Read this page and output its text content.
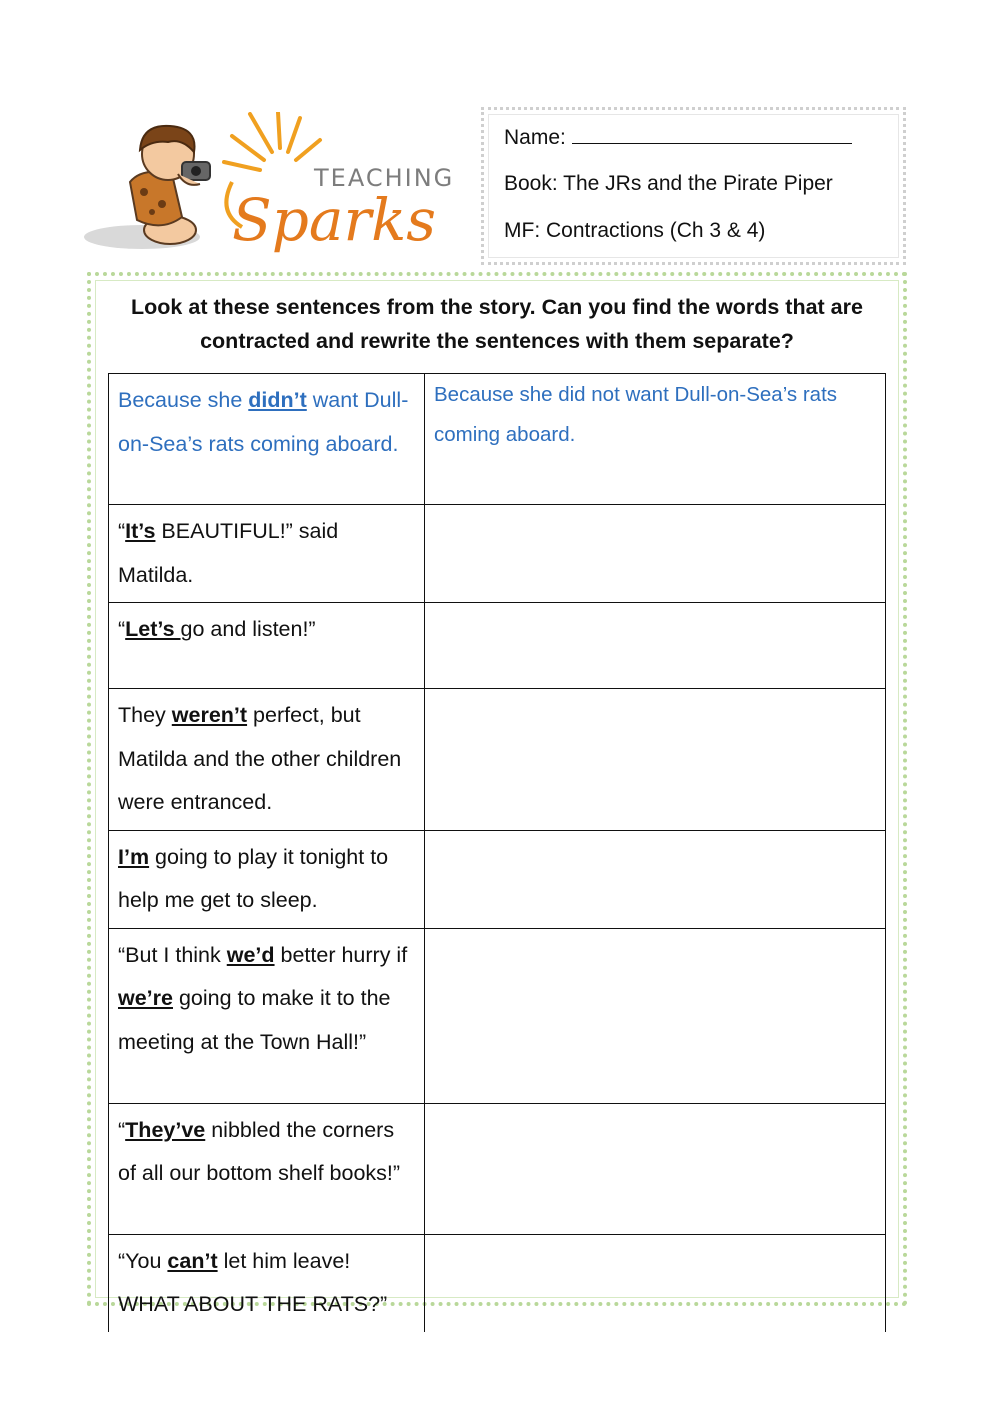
TEACHING
Sparks
Name:
Book: The JRs and the Pirate Piper
MF: Contractions (Ch 3 & 4)
Look at these sentences from the story. Can you find the words that are contracted and rewrite the sentences with them separate?
Because she didn’t want Dull-on-Sea’s rats coming aboard.	Because she did not want Dull-on-Sea’s rats coming aboard.
“It’s BEAUTIFUL!” said Matilda.	
“Let’s go and listen!”	
They weren’t perfect, but Matilda and the other children were entranced.	
I’m going to play it tonight to help me get to sleep.	
“But I think we’d better hurry if we’re going to make it to the meeting at the Town Hall!”	
“They’ve nibbled the corners of all our bottom shelf books!”	
“You can’t let him leave! WHAT ABOUT THE RATS?”	
